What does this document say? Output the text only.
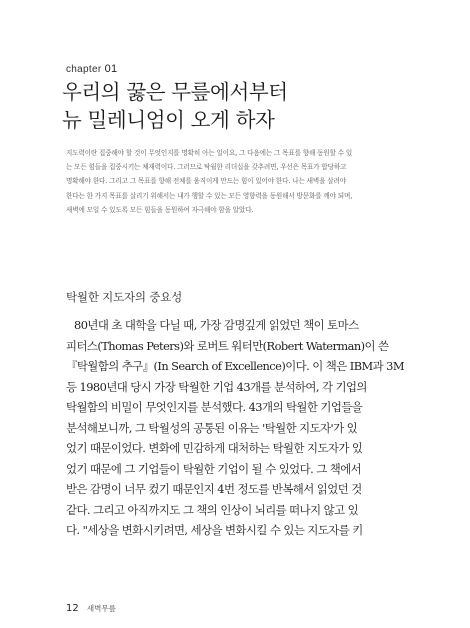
chapter 01
우리의 꿇은 무릎에서부터
뉴 밀레니엄이 오게 하자
지도력이란 집중해야 할 것이 무엇인지를 명확히 아는 일이요, 그 다음에는 그 목표를 향해 동원할 수 있
는 모든 힘들을 집중시키는 체재력이다. 그러므로 탁월한 리더십을 갖추려면, 우선은 목표가 합당하고
명확해야 한다. 그리고 그 목표를 향해 전체를 움직이게 만드는 힘이 있어야 한다. 나는 새벽을 살려야
한다는 한 가지 목표를 살리기 위해서는 내가 행할 수 있는 모든 영향력을 동원해서 방문화를 깨야 되며,
새벽에 모일 수 있도록 모든 힘들을 동원하여 자극해야 함을 알았다.
탁월한 지도자의 중요성
80년대 초 대학을 다닐 때, 가장 감명깊게 읽었던 책이 토마스
피터스(Thomas Peters)와 로버트 워터만(Robert Waterman)이 쓴
『탁월함의 추구』(In Search of Excellence)이다. 이 책은 IBM과 3M
등 1980년대 당시 가장 탁월한 기업 43개를 분석하여, 각 기업의
탁월함의 비밀이 무엇인지를 분석했다. 43개의 탁월한 기업들을
분석해보니까, 그 탁월성의 공통된 이유는 '탁월한 지도자'가 있
었기 때문이었다. 변화에 민감하게 대처하는 탁월한 지도자가 있
었기 때문에 그 기업들이 탁월한 기업이 될 수 있었다. 그 책에서
받은 감명이 너무 컸기 때문인지 4번 정도를 반복해서 읽었던 것
같다. 그리고 아직까지도 그 책의 인상이 뇌리를 떠나지 않고 있
다. "세상을 변화시키려면, 세상을 변화시킬 수 있는 지도자를 키
12 새벽무릎
